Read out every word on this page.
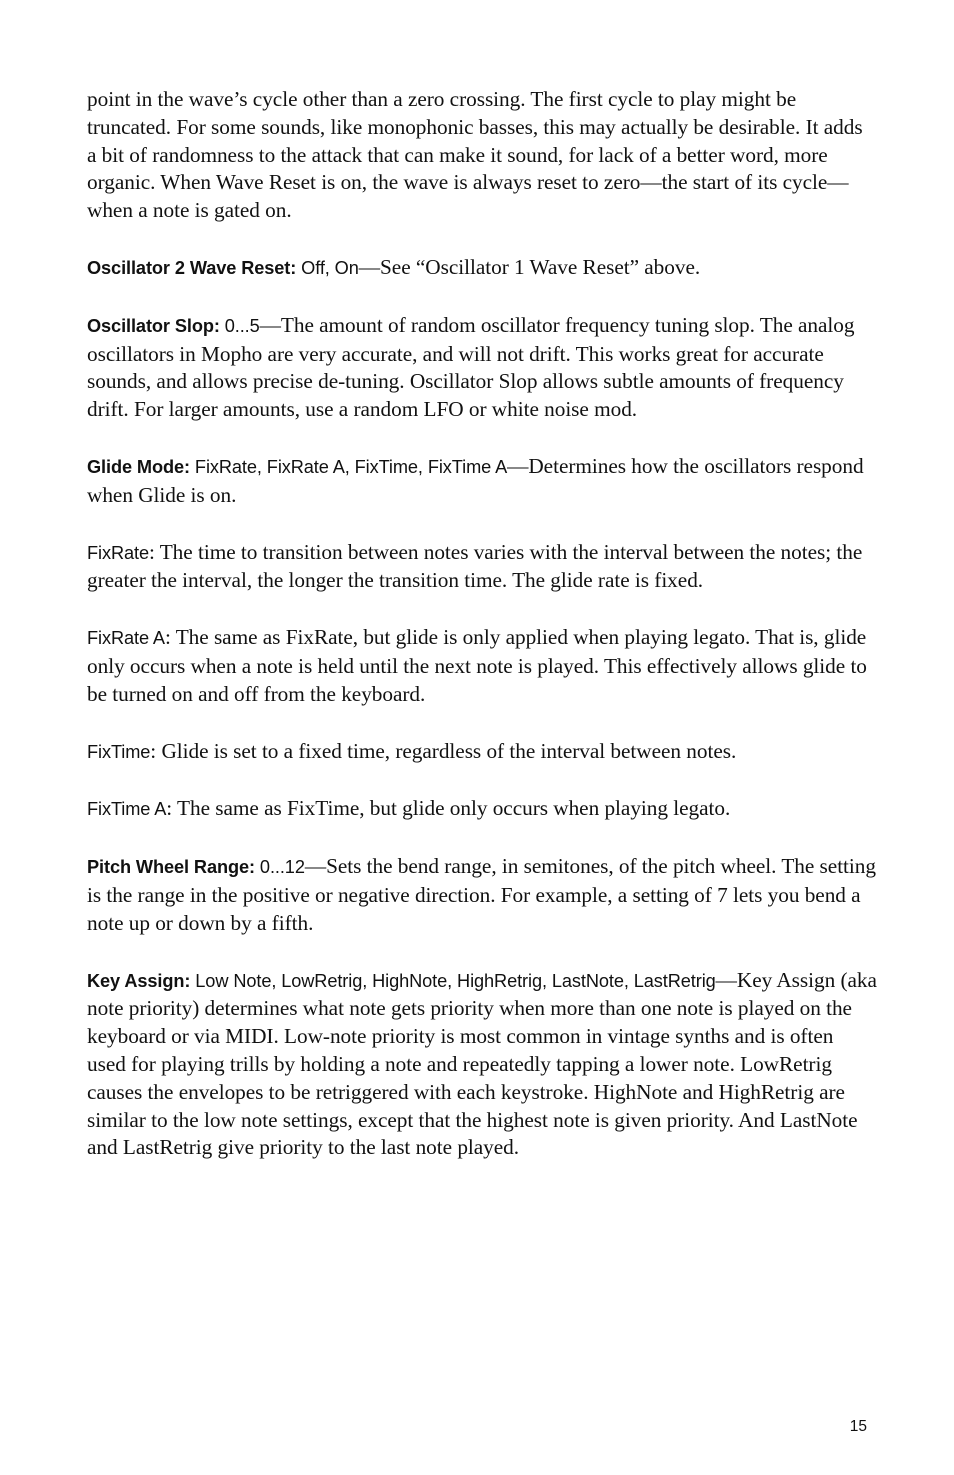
point in the wave’s cycle other than a zero crossing. The first cycle to play might be truncated. For some sounds, like monophonic basses, this may actually be desirable. It adds a bit of randomness to the attack that can make it sound, for lack of a better word, more organic. When Wave Reset is on, the wave is always reset to zero—the start of its cycle—when a note is gated on.

Oscillator 2 Wave Reset: Off, On—See “Oscillator 1 Wave Reset” above.

Oscillator Slop: 0...5—The amount of random oscillator frequency tuning slop. The analog oscillators in Mopho are very accurate, and will not drift. This works great for accurate sounds, and allows precise de-tuning. Oscillator Slop allows subtle amounts of frequency drift. For larger amounts, use a random LFO or white noise mod.

Glide Mode: FixRate, FixRate A, FixTime, FixTime A—Determines how the oscillators respond when Glide is on.

FixRate: The time to transition between notes varies with the interval between the notes; the greater the interval, the longer the transition time. The glide rate is fixed.

FixRate A: The same as FixRate, but glide is only applied when playing legato. That is, glide only occurs when a note is held until the next note is played. This effectively allows glide to be turned on and off from the keyboard.

FixTime: Glide is set to a fixed time, regardless of the interval between notes.

FixTime A: The same as FixTime, but glide only occurs when playing legato.

Pitch Wheel Range: 0...12—Sets the bend range, in semitones, of the pitch wheel. The setting is the range in the positive or negative direction. For example, a setting of 7 lets you bend a note up or down by a fifth.

Key Assign: Low Note, LowRetrig, HighNote, HighRetrig, LastNote, LastRetrig—Key Assign (aka note priority) determines what note gets priority when more than one note is played on the keyboard or via MIDI. Low-note priority is most common in vintage synths and is often used for playing trills by holding a note and repeatedly tapping a lower note. LowRetrig causes the envelopes to be retriggered with each keystroke. HighNote and HighRetrig are similar to the low note settings, except that the highest note is given priority. And LastNote and LastRetrig give priority to the last note played.

15
